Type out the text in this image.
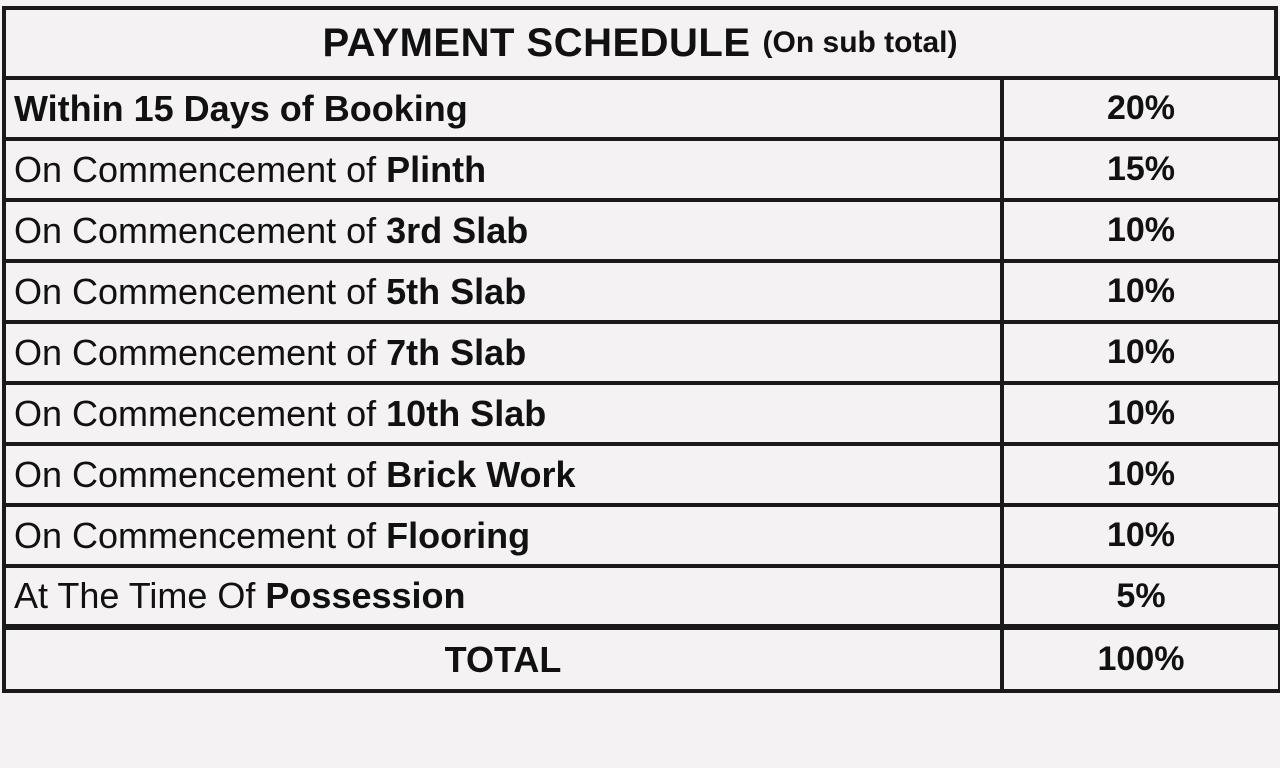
PAYMENT SCHEDULE (On sub total)
Within 15 Days of Booking	20%
On Commencement of Plinth	15%
On Commencement of 3rd Slab	10%
On Commencement of 5th Slab	10%
On Commencement of 7th Slab	10%
On Commencement of 10th Slab	10%
On Commencement of Brick Work	10%
On Commencement of Flooring	10%
At The Time Of Possession	5%
TOTAL	100%
